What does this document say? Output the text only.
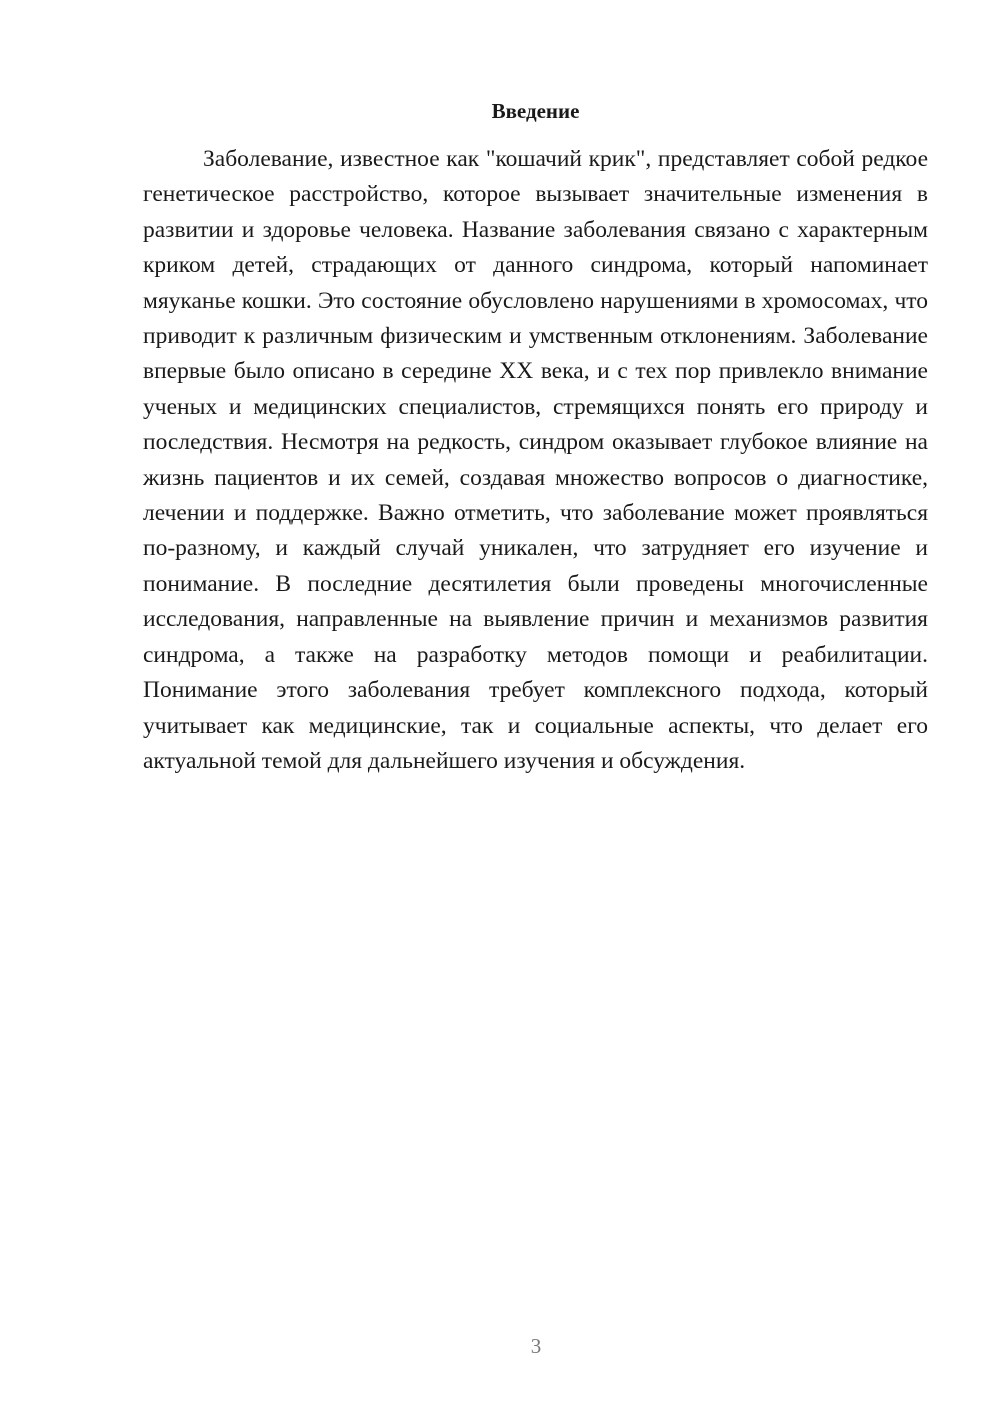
Введение

Заболевание, известное как "кошачий крик", представляет собой редкое генетическое расстройство, которое вызывает значительные изменения в развитии и здоровье человека. Название заболевания связано с характерным криком детей, страдающих от данного синдрома, который напоминает мяуканье кошки. Это состояние обусловлено нарушениями в хромосомах, что приводит к различным физическим и умственным отклонениям. Заболевание впервые было описано в середине XX века, и с тех пор привлекло внимание ученых и медицинских специалистов, стремящихся понять его природу и последствия. Несмотря на редкость, синдром оказывает глубокое влияние на жизнь пациентов и их семей, создавая множество вопросов о диагностике, лечении и поддержке. Важно отметить, что заболевание может проявляться по-разному, и каждый случай уникален, что затрудняет его изучение и понимание. В последние десятилетия были проведены многочисленные исследования, направленные на выявление причин и механизмов развития синдрома, а также на разработку методов помощи и реабилитации. Понимание этого заболевания требует комплексного подхода, который учитывает как медицинские, так и социальные аспекты, что делает его актуальной темой для дальнейшего изучения и обсуждения.

3
